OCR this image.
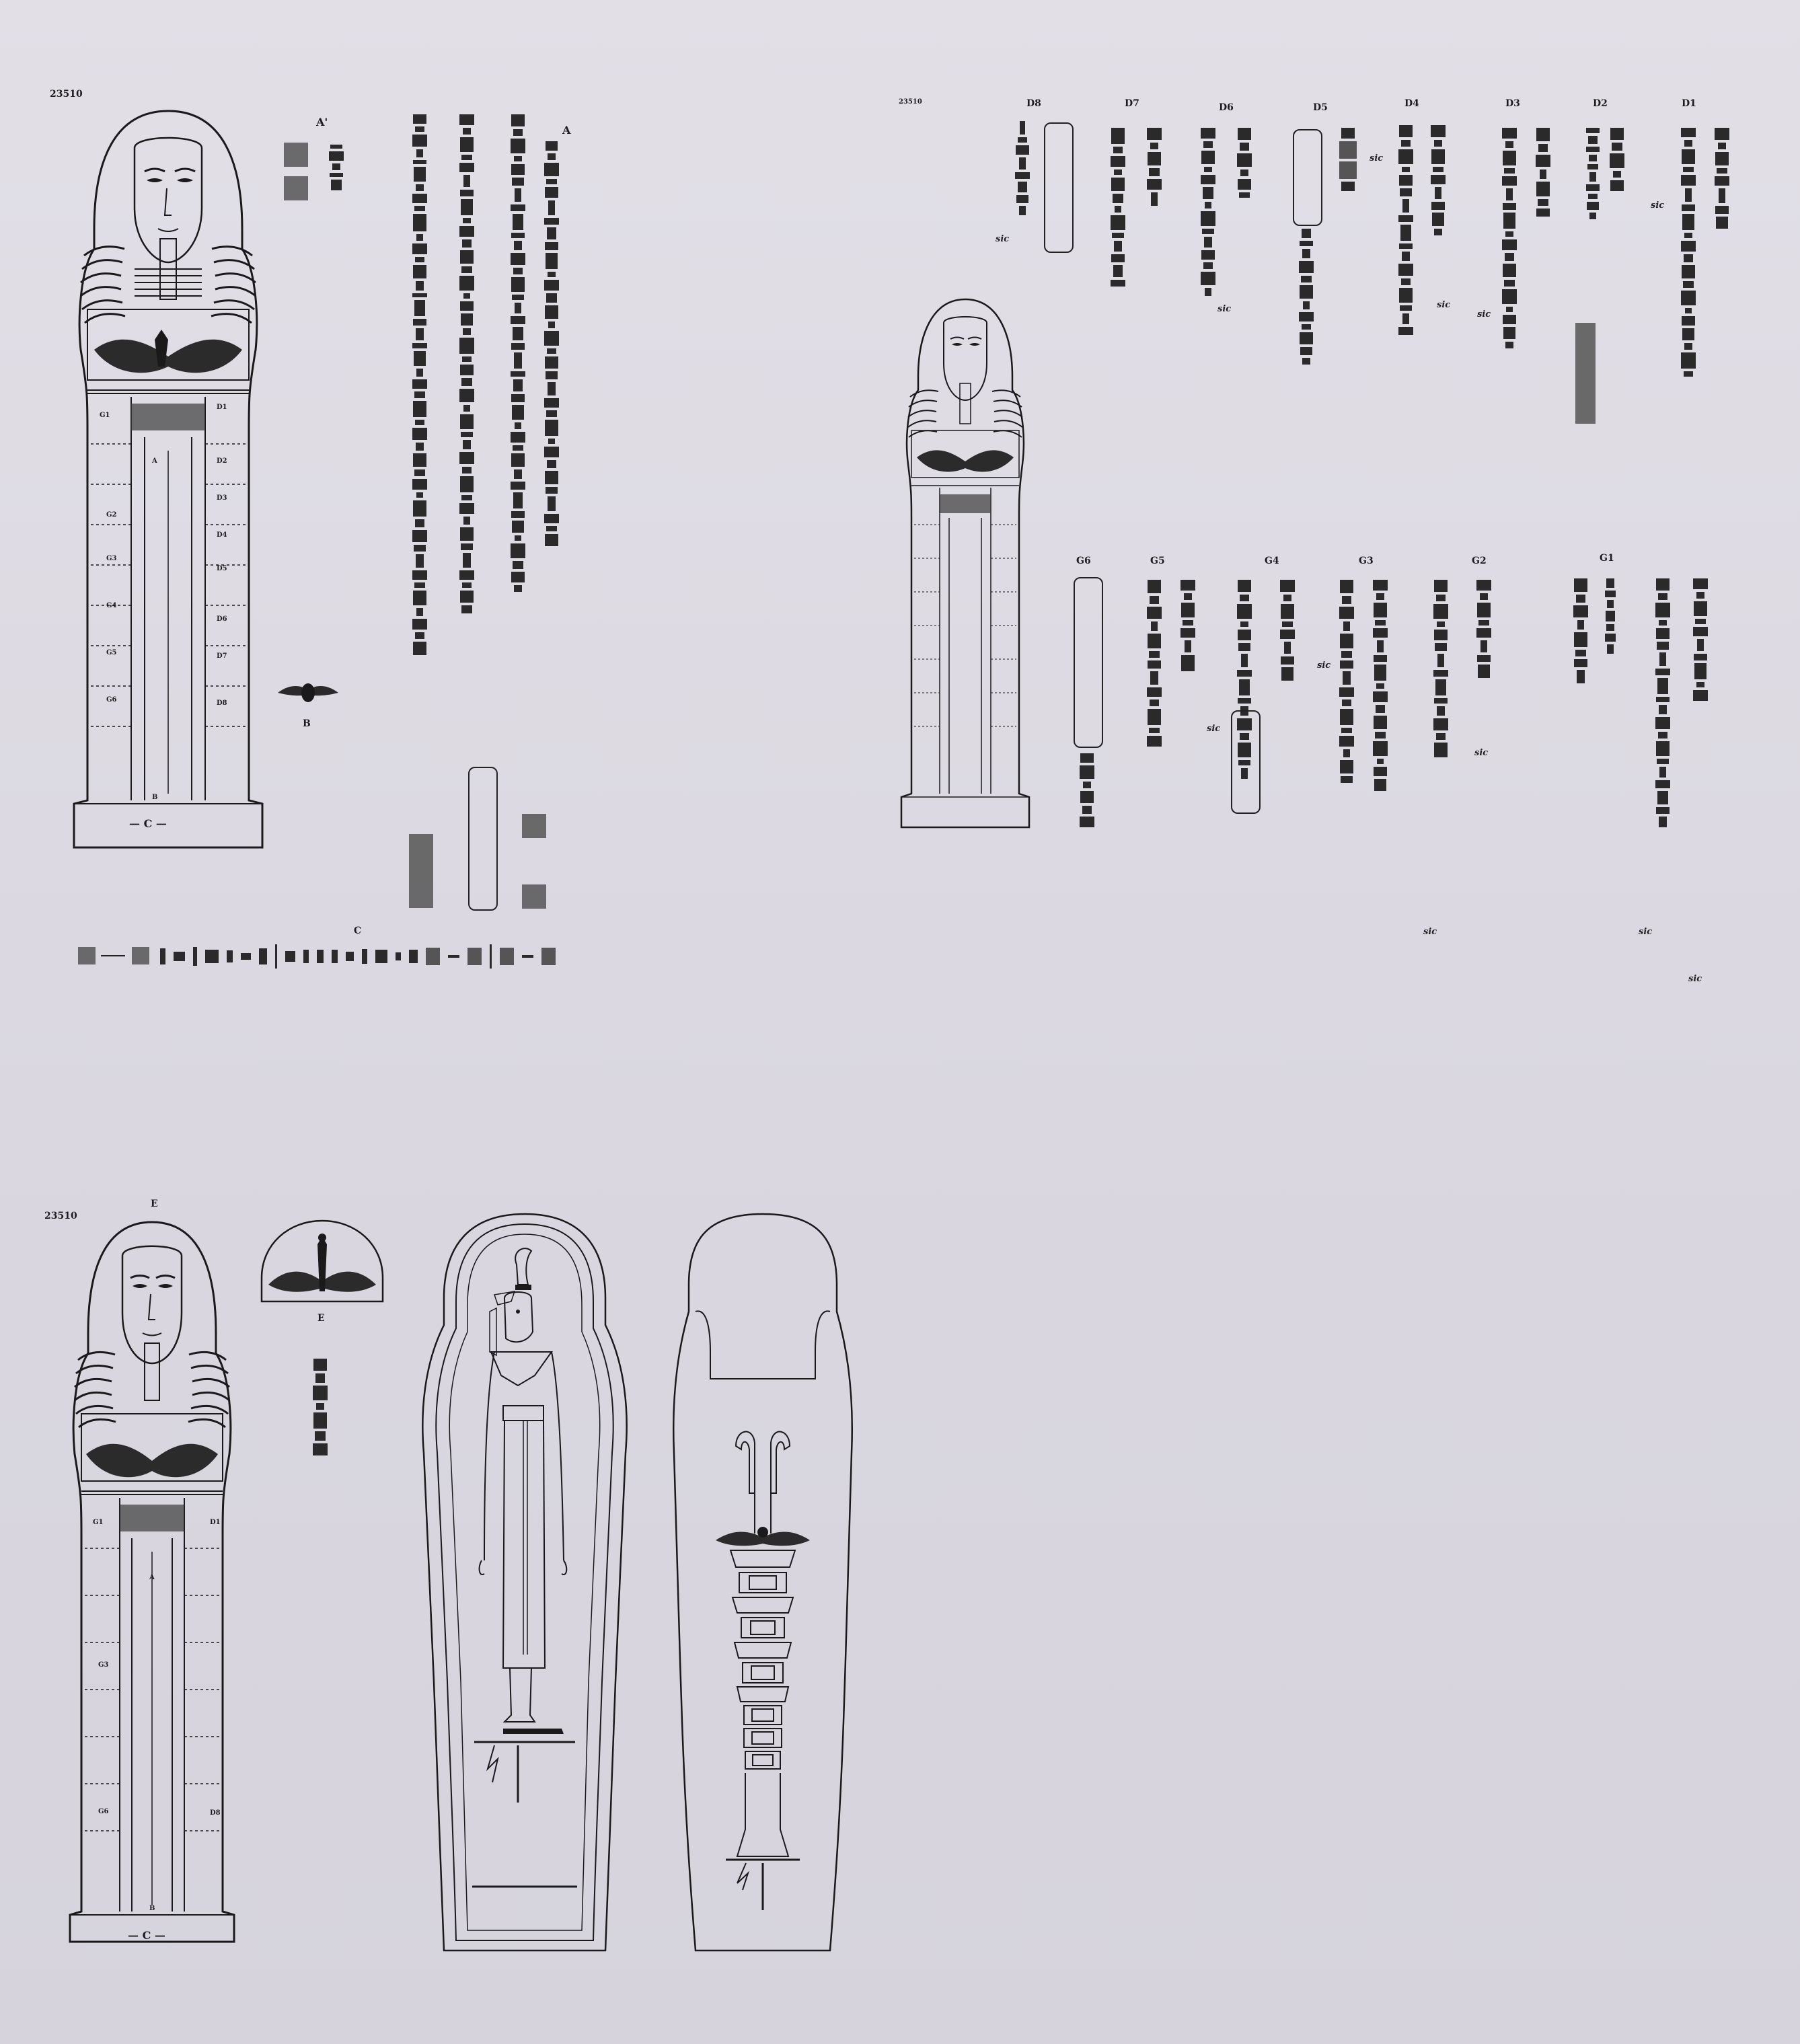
23510
G1
G2
G3
G4
G5
G6
D1
D2
D3
D4
D5
D6
D7
D8
A
B
— C —
A'
B
A
C
23510	D1
D2
D3
D4
D5
D6
D7
D8
sic
sic
sic
sic
sic
sic
G1
G2
G3
G4
G5
G6
sic
sic
sic
sic
sic
sic
23510
E
G1
G3
G6
D1
D8
A
B
— C —
E
